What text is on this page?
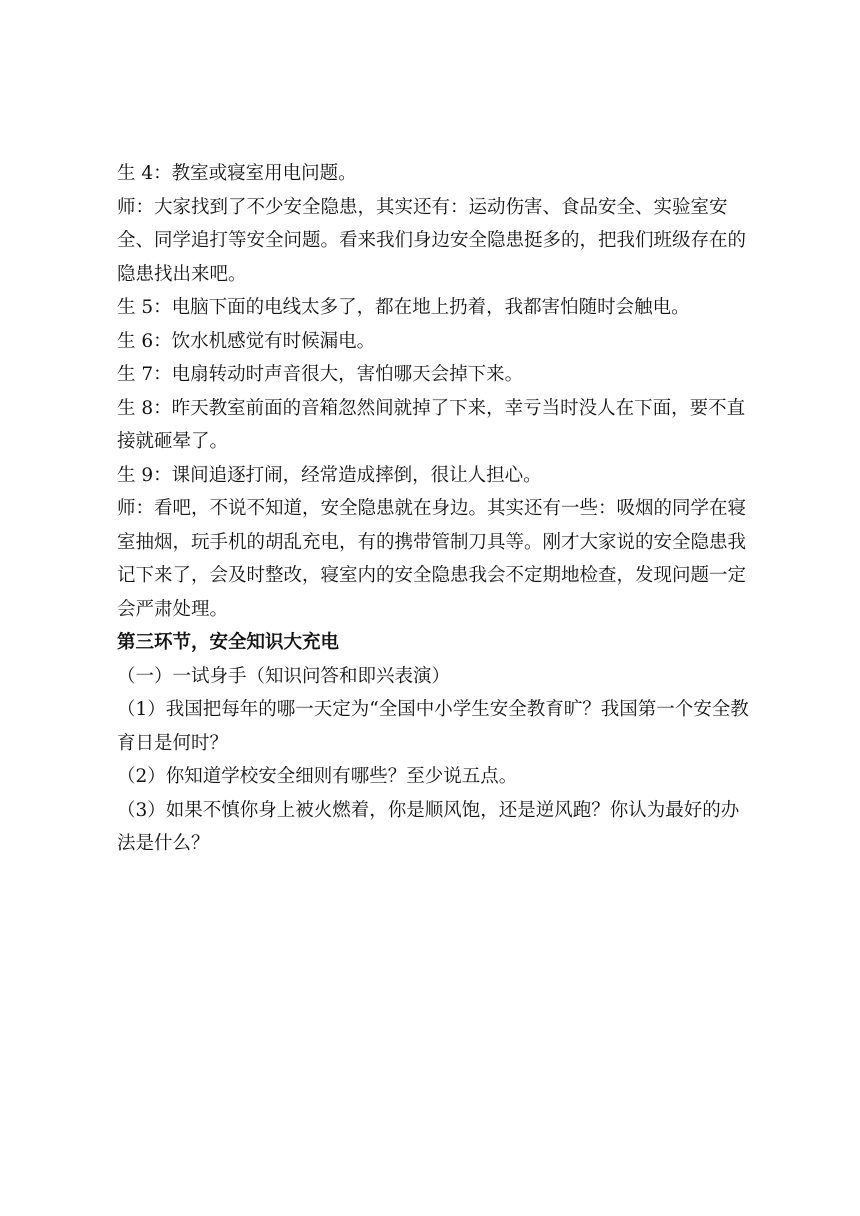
生 4：教室或寝室用电问题。

师：大家找到了不少安全隐患，其实还有：运动伤害、食品安全、实验室安全、同学追打等安全问题。看来我们身边安全隐患挺多的，把我们班级存在的隐患找出来吧。

生 5：电脑下面的电线太多了，都在地上扔着，我都害怕随时会触电。

生 6：饮水机感觉有时候漏电。

生 7：电扇转动时声音很大，害怕哪天会掉下来。

生 8：昨天教室前面的音箱忽然间就掉了下来，幸亏当时没人在下面，要不直接就砸晕了。

生 9：课间追逐打闹，经常造成摔倒，很让人担心。

师：看吧，不说不知道，安全隐患就在身边。其实还有一些：吸烟的同学在寝室抽烟，玩手机的胡乱充电，有的携带管制刀具等。刚才大家说的安全隐患我记下来了，会及时整改，寝室内的安全隐患我会不定期地检查，发现问题一定会严肃处理。

第三环节，安全知识大充电

（一）一试身手（知识问答和即兴表演）

（1）我国把每年的哪一天定为“全国中小学生安全教育旷？我国第一个安全教育日是何时？

（2）你知道学校安全细则有哪些？至少说五点。

（3）如果不慎你身上被火燃着，你是顺风饱，还是逆风跑？你认为最好的办法是什么？
